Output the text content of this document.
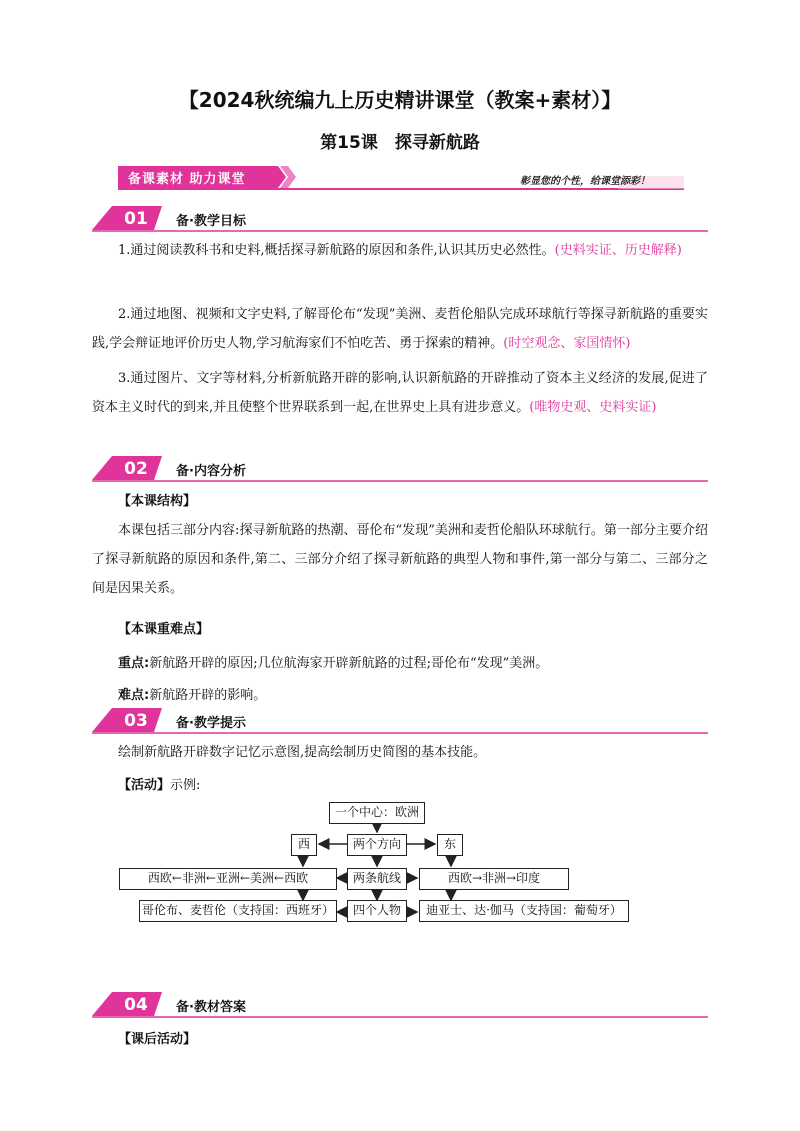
【2024秋统编九上历史精讲课堂（教案+素材）】
第15课　探寻新航路
备课素材 助力课堂	彰显您的个性，给课堂添彩！
01	备·教学目标

1.通过阅读教科书和史料,概括探寻新航路的原因和条件,认识其历史必然性。(史料实证、历史解释)

2.通过地图、视频和文字史料,了解哥伦布“发现”美洲、麦哲伦船队完成环球航行等探寻新航路的重要实践,学会辩证地评价历史人物,学习航海家们不怕吃苦、勇于探索的精神。(时空观念、家国情怀)

3.通过图片、文字等材料,分析新航路开辟的影响,认识新航路的开辟推动了资本主义经济的发展,促进了资本主义时代的到来,并且使整个世界联系到一起,在世界史上具有进步意义。(唯物史观、史料实证)

02	备·内容分析
【本课结构】

本课包括三部分内容:探寻新航路的热潮、哥伦布“发现”美洲和麦哲伦船队环球航行。第一部分主要介绍了探寻新航路的原因和条件,第二、三部分介绍了探寻新航路的典型人物和事件,第一部分与第二、三部分之间是因果关系。

【本课重难点】
重点:新航路开辟的原因;几位航海家开辟新航路的过程;哥伦布“发现”美洲。
难点:新航路开辟的影响。
03	备·教学提示

绘制新航路开辟数字记忆示意图,提高绘制历史简图的基本技能。

【活动】示例:
一个中心：欧洲
两个方向
西	东
两条航线
西欧←非洲←亚洲←美洲←西欧	西欧→非洲→印度
四个人物
哥伦布、麦哲伦（支持国：西班牙）	迪亚士、达·伽马（支持国：葡萄牙）
04	备·教材答案
【课后活动】
